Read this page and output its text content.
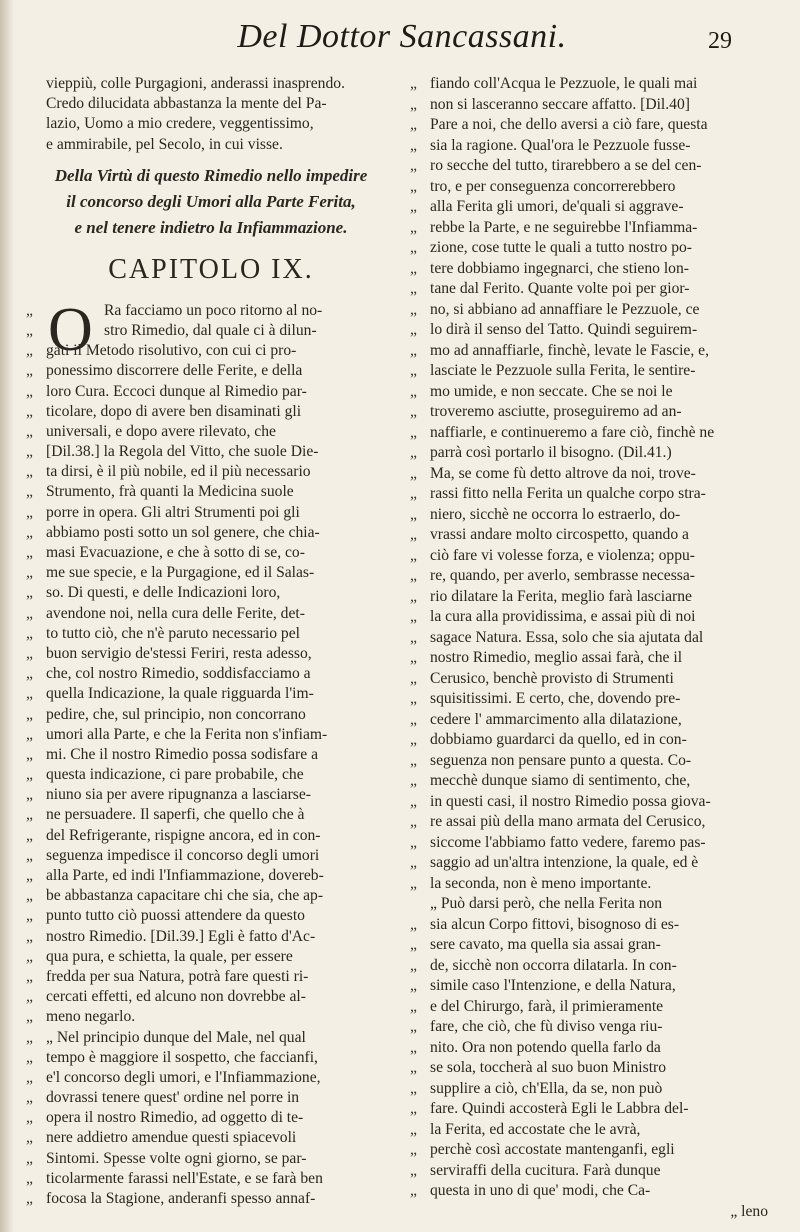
Del Dottor Sancassani.	29
vieppiù, colle Purgagioni, anderassi inasprendo.
Credo dilucidata abbastanza la mente del Pa-
lazio, Uomo a mio credere, veggentissimo,
e ammirabile, pel Secolo, in cui visse.
Della Virtù di questo Rimedio nello impedire
il concorso degli Umori alla Parte Ferita,
e nel tenere indietro la Infiammazione.
CAPITOLO IX.
O
„	Ra facciamo un poco ritorno al no-
„	stro Rimedio, dal quale ci à dilun-
„ gàti il Metodo risolutivo, con cui ci pro-
„ ponessimo discorrere delle Ferite, e della
„ loro Cura. Eccoci dunque al Rimedio par-
„ ticolare, dopo di avere ben disaminati gli
„ universali, e dopo avere rilevato, che
„ [Dil.38.] la Regola del Vitto, che suole Die-
„ ta dirsi, è il più nobile, ed il più necessario
„ Strumento, frà quanti la Medicina suole
„ porre in opera. Gli altri Strumenti poi gli
„ abbiamo posti sotto un sol genere, che chia-
„ masi Evacuazione, e che à sotto di se, co-
„ me sue specie, e la Purgagione, ed il Salas-
„ so. Di questi, e delle Indicazioni loro,
„ avendone noi, nella cura delle Ferite, det-
„ to tutto ciò, che n'è paruto necessario pel
„ buon servigio de'stessi Feriri, resta adesso,
„ che, col nostro Rimedio, soddisfacciamo a
„ quella Indicazione, la quale rigguarda l'im-
„ pedire, che, sul principio, non concorrano
„ umori alla Parte, e che la Ferita non s'infiam-
„ mi. Che il nostro Rimedio possa sodisfare a
„ questa indicazione, ci pare probabile, che
„ niuno sia per avere ripugnanza a lasciarse-
„ ne persuadere. Il saperfi, che quello che à
„ del Refrigerante, rispigne ancora, ed in con-
„ seguenza impedisce il concorso degli umori
„ alla Parte, ed indi l'Infiammazione, dovereb-
„ be abbastanza capacitare chi che sia, che ap-
„ punto tutto ciò puossi attendere da questo
„ nostro Rimedio. [Dil.39.] Egli è fatto d'Ac-
„ qua pura, e schietta, la quale, per essere
„ fredda per sua Natura, potrà fare questi ri-
„ cercati effetti, ed alcuno non dovrebbe al-
„ meno negarlo.
„ „ Nel principio dunque del Male, nel qual
„ tempo è maggiore il sospetto, che faccianfi,
„ e'l concorso degli umori, e l'Infiammazione,
„ dovrassi tenere quest' ordine nel porre in
„ opera il nostro Rimedio, ad oggetto di te-
„ nere addietro amendue questi spiacevoli
„ Sintomi. Spesse volte ogni giorno, se par-
„ ticolarmente farassi nell'Estate, e se farà ben
„ focosa la Stagione, anderanfi spesso annaf-
„ fiando coll'Acqua le Pezzuole, le quali mai
„ non si lasceranno seccare affatto. [Dil.40]
„ Pare a noi, che dello aversi a ciò fare, questa
„ sia la ragione. Qual'ora le Pezzuole fusse-
„ ro secche del tutto, tirarebbero a se del cen-
„ tro, e per conseguenza concorrerebbero
„ alla Ferita gli umori, de'quali si aggrave-
„ rebbe la Parte, e ne seguirebbe l'Infiamma-
„ zione, cose tutte le quali a tutto nostro po-
„ tere dobbiamo ingegnarci, che stieno lon-
„ tane dal Ferito. Quante volte poi per gior-
„ no, si abbiano ad annaffiare le Pezzuole, ce
„ lo dirà il senso del Tatto. Quindi seguirem-
„ mo ad annaffiarle, finchè, levate le Fascie, e,
„ lasciate le Pezzuole sulla Ferita, le sentire-
„ mo umide, e non seccate. Che se noi le
„ troveremo asciutte, proseguiremo ad an-
„ naffiarle, e continueremo a fare ciò, finchè ne
„ parrà così portarlo il bisogno. (Dil.41.)
„ Ma, se come fù detto altrove da noi, trove-
„ rassi fitto nella Ferita un qualche corpo stra-
„ niero, sicchè ne occorra lo estraerlo, do-
„ vrassi andare molto circospetto, quando a
„ ciò fare vi volesse forza, e violenza; oppu-
„ re, quando, per averlo, sembrasse necessa-
„ rio dilatare la Ferita, meglio farà lasciarne
„ la cura alla providissima, e assai più di noi
„ sagace Natura. Essa, solo che sia ajutata dal
„ nostro Rimedio, meglio assai farà, che il
„ Cerusico, benchè provisto di Strumenti
„ squisitissimi. E certo, che, dovendo pre-
„ cedere l' ammarcimento alla dilatazione,
„ dobbiamo guardarci da quello, ed in con-
„ seguenza non pensare punto a questa. Co-
„ mecchè dunque siamo di sentimento, che,
„ in questi casi, il nostro Rimedio possa giova-
„ re assai più della mano armata del Cerusico,
„ siccome l'abbiamo fatto vedere, faremo pas-
„ saggio ad un'altra intenzione, la quale, ed è
„ la seconda, non è meno importante.
„ Può darsi però, che nella Ferita non
„ sia alcun Corpo fittovi, bisognoso di es-
„ sere cavato, ma quella sia assai gran-
„ de, sicchè non occorra dilatarla. In con-
„ simile caso l'Intenzione, e della Natura,
„ e del Chirurgo, farà, il primieramente
„ fare, che ciò, che fù diviso venga riu-
„ nito. Ora non potendo quella farlo da
„ se sola, toccherà al suo buon Ministro
„ supplire a ciò, ch'Ella, da se, non può
„ fare. Quindi accosterà Egli le Labbra del-
„ la Ferita, ed accostate che le avrà,
„ perchè così accostate mantenganfi, egli
„ serviraffi della cucitura. Farà dunque
„ questa in uno di que' modi, che Ca-
„ leno
